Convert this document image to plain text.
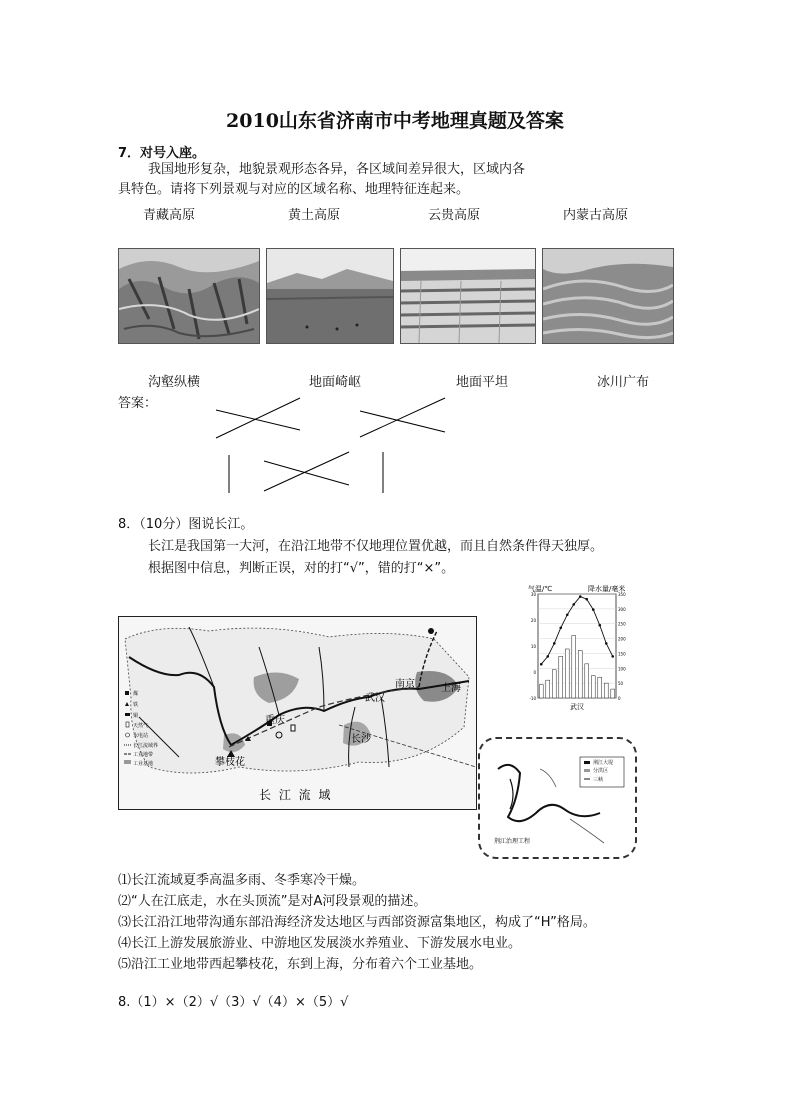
2010山东省济南市中考地理真题及答案
7．对号入座。
我国地形复杂，地貌景观形态各异，各区域间差异很大，区域内各
具特色。请将下列景观与对应的区域名称、地理特征连起来。
青藏高原	黄土高原	云贵高原	内蒙古高原
沟壑纵横	地面崎岖	地面平坦	冰川广布
答案：
8．（10分）图说长江。
长江是我国第一大河，在沿江地带不仅地理位置优越，而且自然条件得天独厚。
根据图中信息，判断正误，对的打“√”，错的打“×”。
气温/℃	降水量/毫米
350
300
250
200
150
100
50
0
30
20
10
0
-10
武汉
南京	上海
重庆
攀枝花
武汉
长沙
煤
铁
铜
天然气
水电站
长江流域界
工业地带
工业基地
长 江 流 域
荆江大堤
分洪区
三峡
荆江治理工程
⑴长江流域夏季高温多雨、冬季寒冷干燥。
⑵“人在江底走，水在头顶流”是对A河段景观的描述。
⑶长江沿江地带沟通东部沿海经济发达地区与西部资源富集地区，构成了“H”格局。
⑷长江上游发展旅游业、中游地区发展淡水养殖业、下游发展水电业。
⑸沿江工业地带西起攀枝花，东到上海，分布着六个工业基地。
8.（1）×（2）√（3）√（4）×（5）√
